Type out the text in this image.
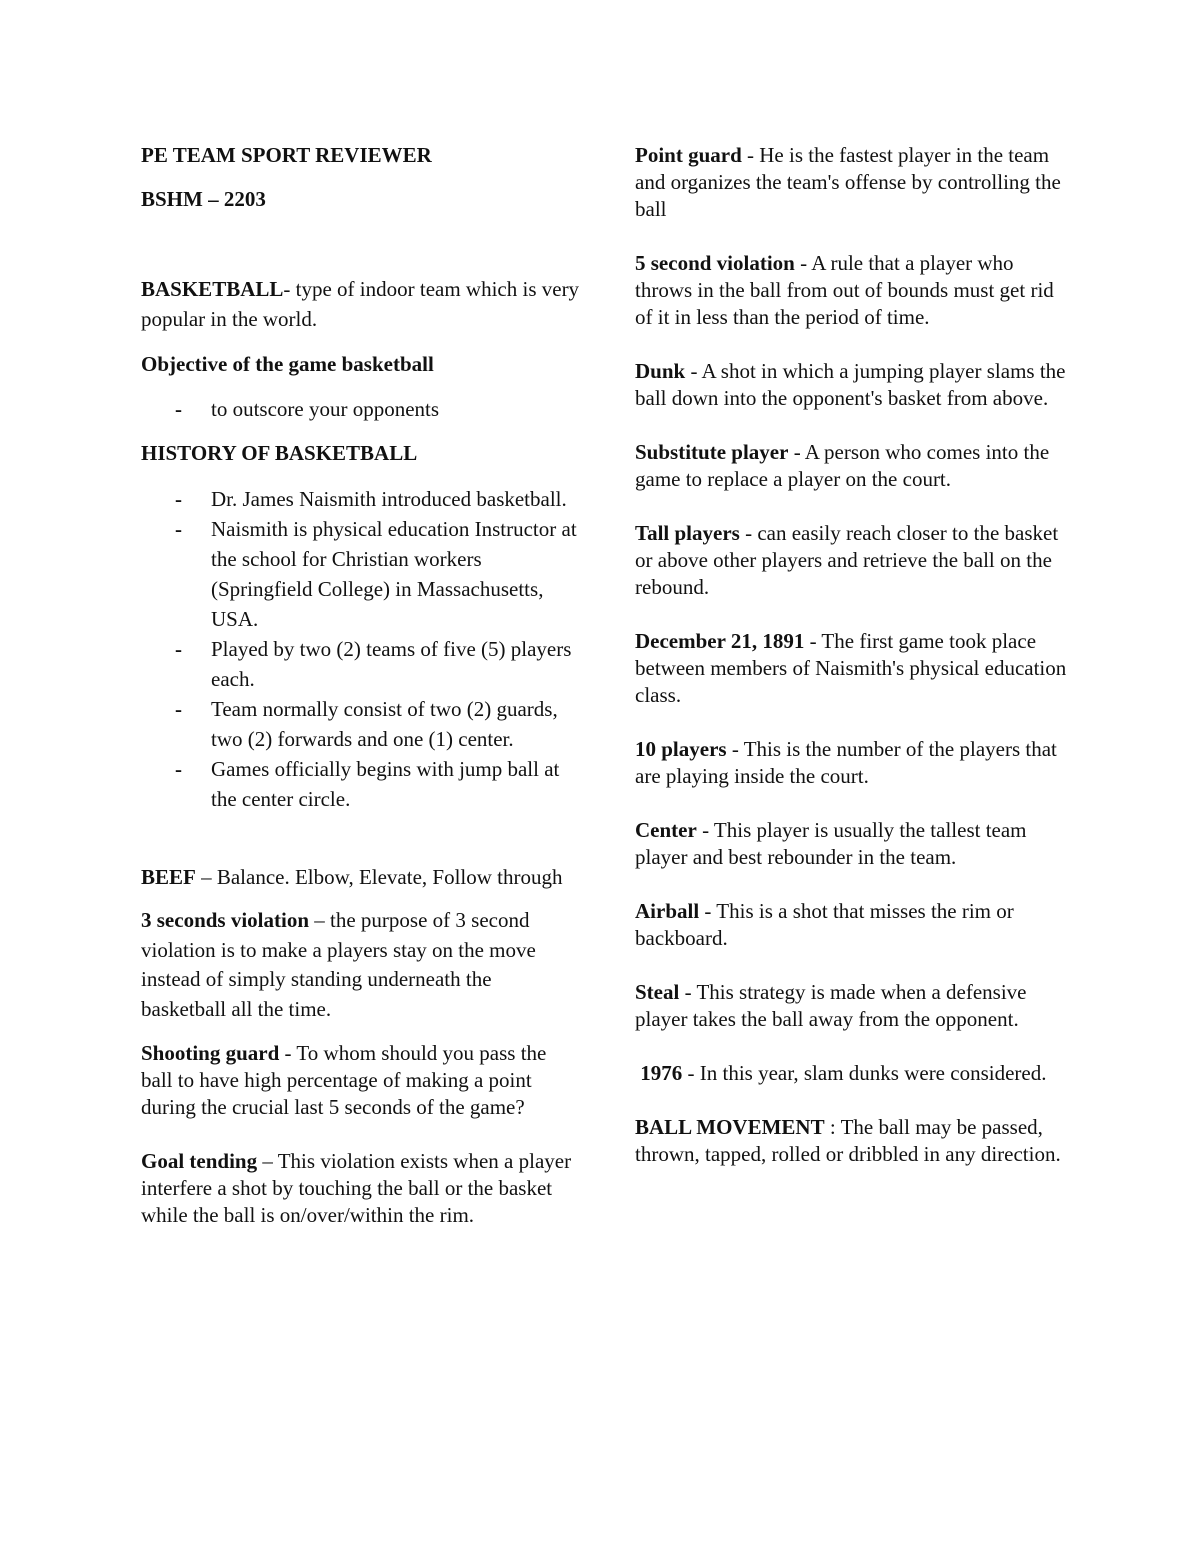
PE TEAM SPORT REVIEWER

BSHM – 2203

BASKETBALL- type of indoor team which is very popular in the world.

Objective of the game basketball

- to outscore your opponents

HISTORY OF BASKETBALL

- Dr. James Naismith introduced basketball.
- Naismith is physical education Instructor at the school for Christian workers (Springfield College) in Massachusetts, USA.
- Played by two (2) teams of five (5) players each.
- Team normally consist of two (2) guards, two (2) forwards and one (1) center.
- Games officially begins with jump ball at the center circle.

BEEF – Balance. Elbow, Elevate, Follow through

3 seconds violation – the purpose of 3 second violation is to make a players stay on the move instead of simply standing underneath the basketball all the time.

Shooting guard - To whom should you pass the ball to have high percentage of making a point during the crucial last 5 seconds of the game?

Goal tending – This violation exists when a player interfere a shot by touching the ball or the basket while the ball is on/over/within the rim.

Point guard - He is the fastest player in the team and organizes the team's offense by controlling the ball

5 second violation - A rule that a player who throws in the ball from out of bounds must get rid of it in less than the period of time.

Dunk - A shot in which a jumping player slams the ball down into the opponent's basket from above.

Substitute player - A person who comes into the game to replace a player on the court.

Tall players - can easily reach closer to the basket or above other players and retrieve the ball on the rebound.

December 21, 1891 - The first game took place between members of Naismith's physical education class.

10 players - This is the number of the players that are playing inside the court.

Center - This player is usually the tallest team player and best rebounder in the team.

Airball - This is a shot that misses the rim or backboard.

Steal - This strategy is made when a defensive player takes the ball away from the opponent.

1976 - In this year, slam dunks were considered.

BALL MOVEMENT : The ball may be passed, thrown, tapped, rolled or dribbled in any direction.
